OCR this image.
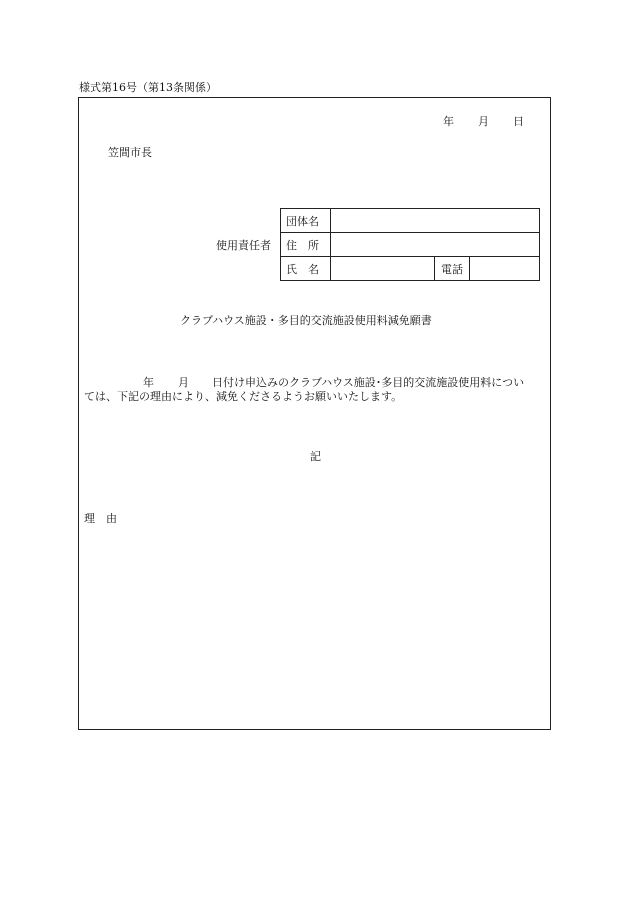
様式第16号（第13条関係）
年 月 日
笠間市長
使用責任者
団体名			
住　所			
氏　名		電話	
クラブハウス施設・多目的交流施設使用料減免願書
年 月 日付け申込みのクラブハウス施設･多目的交流施設使用料につい
ては、下記の理由により、減免くださるようお願いいたします。
記
理　由
